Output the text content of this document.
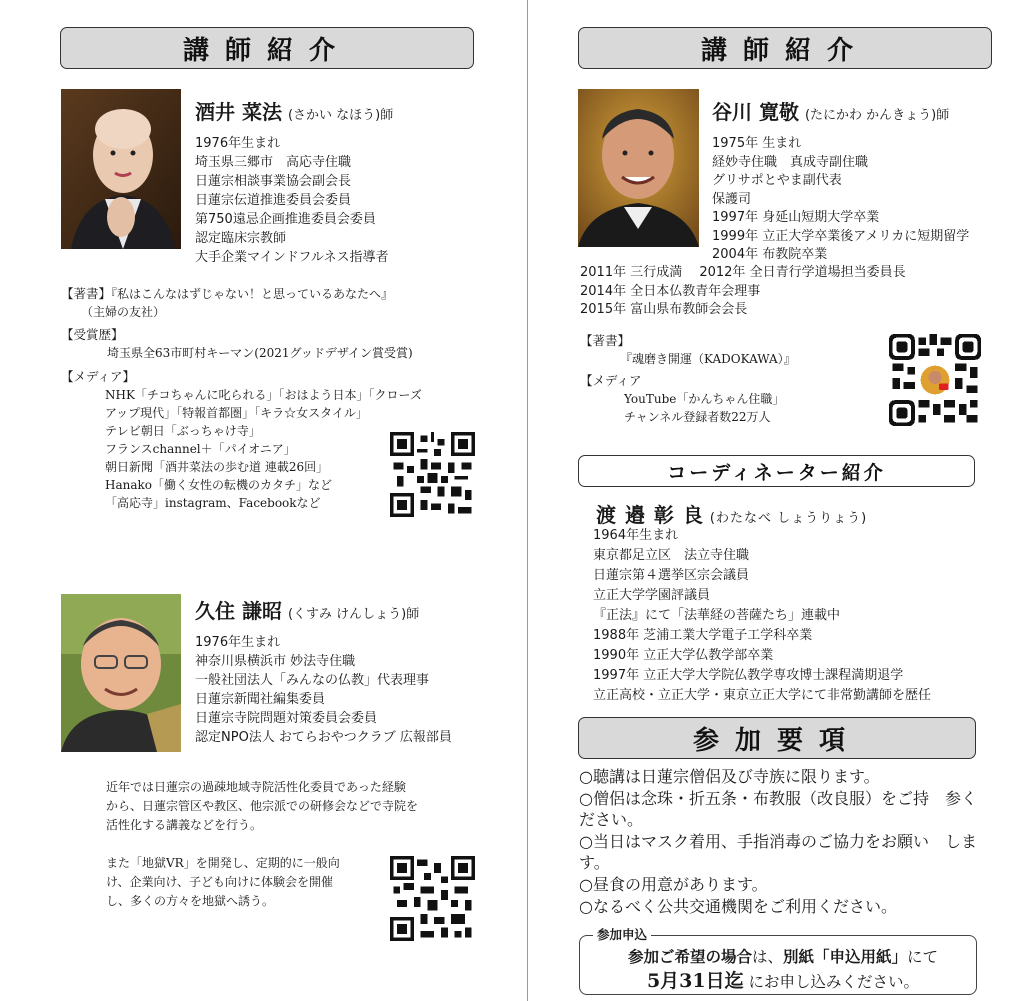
講師紹介
酒井 菜法 (さかい なほう)師
1976年生まれ
埼玉県三郷市　高応寺住職
日蓮宗相談事業協会副会長
日蓮宗伝道推進委員会委員
第750遠忌企画推進委員会委員
認定臨床宗教師
大手企業マインドフルネス指導者
【著書】『私はこんなはずじゃない！と思っているあなたへ』
（主婦の友社）
【受賞歴】
埼玉県全63市町村キーマン(2021グッドデザイン賞受賞)
【メディア】
NHK「チコちゃんに叱られる」「おはよう日本」「クローズ
アップ現代」「特報首都圏」「キラ☆女スタイル」
テレビ朝日「ぶっちゃけ寺」
フランスchannel＋「パイオニア」
朝日新聞「酒井菜法の歩む道 連載26回」
Hanako「働く女性の転機のカタチ」など
「高応寺」instagram、Facebookなど
久住 謙昭 (くすみ けんしょう)師
1976年生まれ
神奈川県横浜市 妙法寺住職
一般社団法人「みんなの仏教」代表理事
日蓮宗新聞社編集委員
日蓮宗寺院問題対策委員会委員
認定NPO法人 おてらおやつクラブ 広報部員
近年では日蓮宗の過疎地域寺院活性化委員であった経験
から、日蓮宗管区や教区、他宗派での研修会などで寺院を
活性化する講義などを行う。
また「地獄VR」を開発し、定期的に一般向
け、企業向け、子ども向けに体験会を開催
し、多くの方々を地獄へ誘う。
講師紹介
谷川 寛敬 (たにかわ かんきょう)師
1975年 生まれ
経妙寺住職　真成寺副住職
グリサポとやま副代表
保護司
1997年 身延山短期大学卒業
1999年 立正大学卒業後アメリカに短期留学
2004年 布教院卒業
2011年 三行成満　 2012年 全日青行学道場担当委員長
2014年 全日本仏教青年会理事
2015年 富山県布教師会会長
【著書】
『魂磨き開運（KADOKAWA）』
【メディア
YouTube「かんちゃん住職」
チャンネル登録者数22万人
コーディネーター紹介
渡 邉 彰 良 (わたなべ しょうりょう)
1964年生まれ
東京都足立区　法立寺住職
日蓮宗第４選挙区宗会議員
立正大学学園評議員
『正法』にて「法華経の菩薩たち」連載中
1988年 芝浦工業大学電子工学科卒業
1990年 立正大学仏教学部卒業
1997年 立正大学大学院仏教学専攻博士課程満期退学
立正高校・立正大学・東京立正大学にて非常勤講師を歴任
参加要項
○聴講は日蓮宗僧侶及び寺族に限ります。
○僧侶は念珠・折五条・布教服（改良服）をご持　参ください。
○当日はマスク着用、手指消毒のご協力をお願い　します。
○昼食の用意があります。
○なるべく公共交通機関をご利用ください。
参加申込
参加ご希望の場合は、別紙「申込用紙」にて
5月31日迄 にお申し込みください。
